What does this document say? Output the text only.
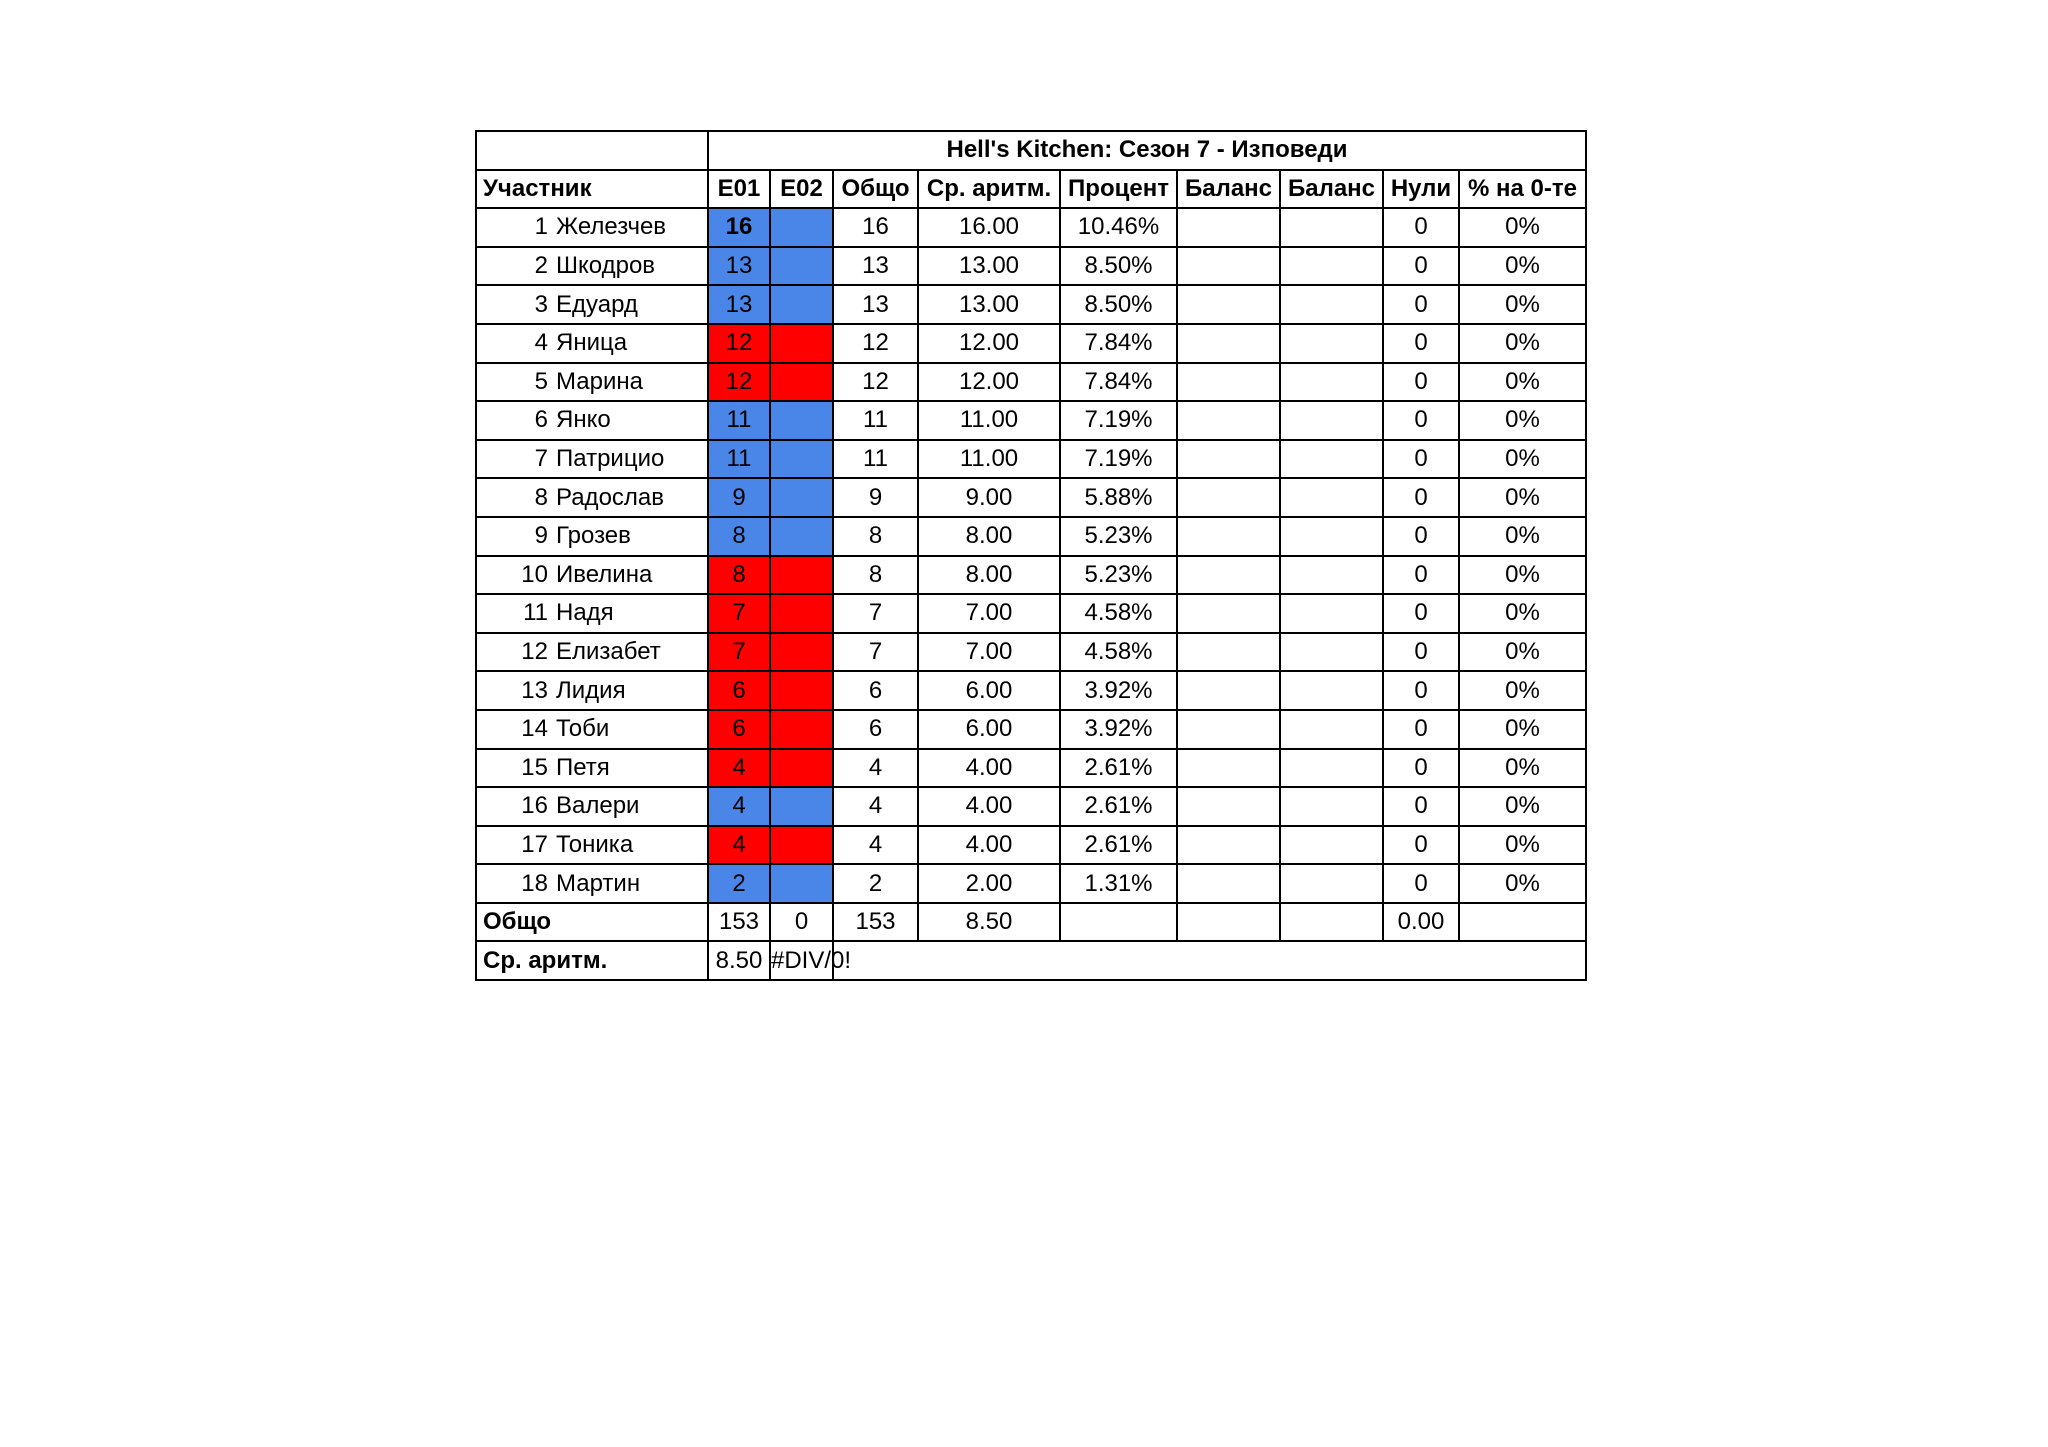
		Hell's Kitchen: Сезон 7 - Изповеди								
Участник		E01	E02	Общо	Ср. аритм.	Процент	Баланс	Баланс	Нули	% на 0-те
1	Железчев	16		16	16.00	10.46%			0	0%
2	Шкодров	13		13	13.00	8.50%			0	0%
3	Едуард	13		13	13.00	8.50%			0	0%
4	Яница	12		12	12.00	7.84%			0	0%
5	Марина	12		12	12.00	7.84%			0	0%
6	Янко	11		11	11.00	7.19%			0	0%
7	Патрицио	11		11	11.00	7.19%			0	0%
8	Радослав	9		9	9.00	5.88%			0	0%
9	Грозев	8		8	8.00	5.23%			0	0%
10	Ивелина	8		8	8.00	5.23%			0	0%
11	Надя	7		7	7.00	4.58%			0	0%
12	Елизабет	7		7	7.00	4.58%			0	0%
13	Лидия	6		6	6.00	3.92%			0	0%
14	Тоби	6		6	6.00	3.92%			0	0%
15	Петя	4		4	4.00	2.61%			0	0%
16	Валери	4		4	4.00	2.61%			0	0%
17	Тоника	4		4	4.00	2.61%			0	0%
18	Мартин	2		2	2.00	1.31%			0	0%
Общо		153	0	153	8.50				0.00	
Ср. аритм.		8.50	#DIV/0!							
